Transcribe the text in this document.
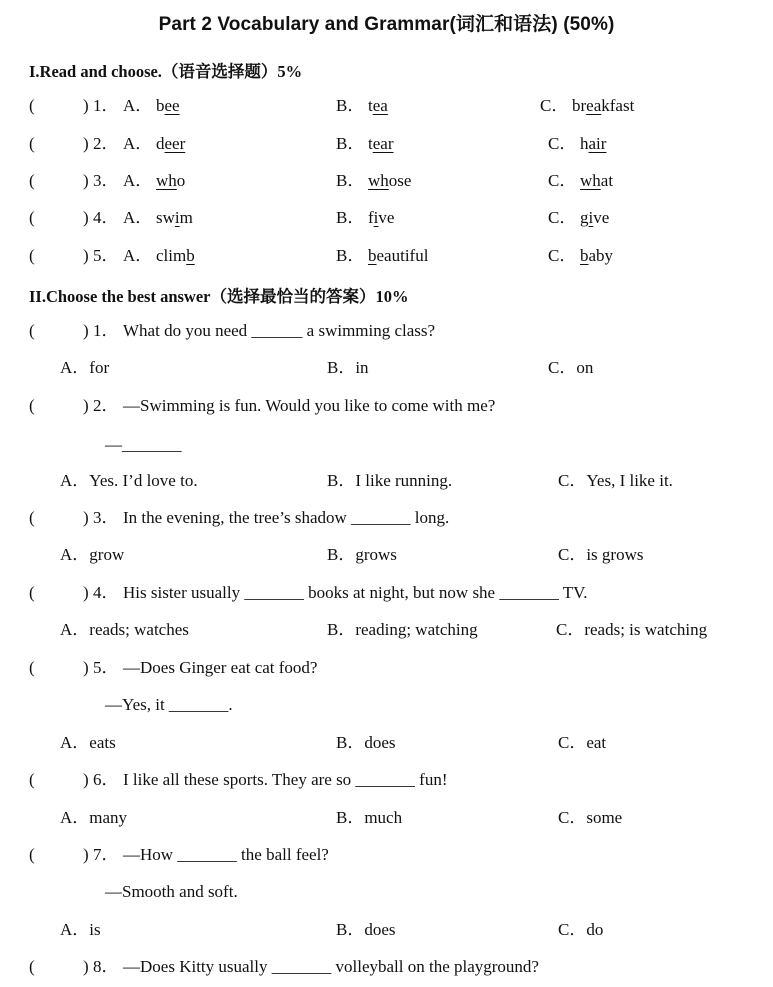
Part 2 Vocabulary and Grammar(词汇和语法) (50%)
I.Read and choose.（语音选择题）5%
(	) 1． A． bee	B． tea	C． breakfast
(	) 2． A． deer	B． tear	C． hair
(	) 3． A． who	B． whose	C． what
(	) 4． A． swim	B． five	C． give
(	) 5． A． climb	B． beautiful	C． baby
II.Choose the best answer（选择最恰当的答案）10%
(	) 1． What do you need ______ a swimming class?
A．for	B．in	C．on
(	) 2． —Swimming is fun. Would you like to come with me?
—_______
A．Yes. I’d love to.	B．I like running.	C．Yes, I like it.
(	) 3． In the evening, the tree’s shadow _______ long.
A．grow	B．grows	C．is grows
(	) 4． His sister usually _______ books at night, but now she _______ TV.
A．reads; watches	B．reading; watching	C．reads; is watching
(	) 5． —Does Ginger eat cat food?
—Yes, it _______.
A．eats	B．does	C．eat
(	) 6． I like all these sports. They are so _______ fun!
A．many	B．much	C．some
(	) 7． —How _______ the ball feel?
—Smooth and soft.
A．is	B．does	C．do
(	) 8． —Does Kitty usually _______ volleyball on the playground?
